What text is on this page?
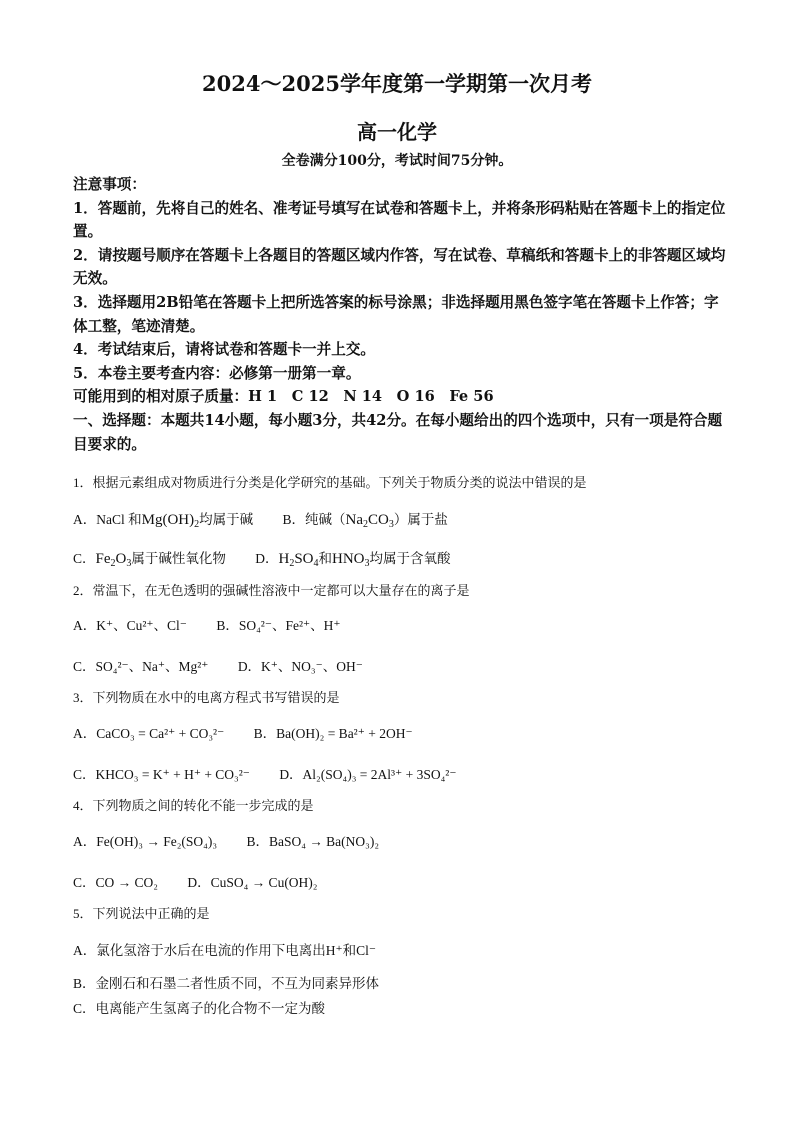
2024～2025学年度第一学期第一次月考
高一化学
全卷满分100分，考试时间75分钟。

注意事项：

1．答题前，先将自己的姓名、准考证号填写在试卷和答题卡上，并将条形码粘贴在答题卡上的指定位置。

2．请按题号顺序在答题卡上各题目的答题区域内作答，写在试卷、草稿纸和答题卡上的非答题区域均无效。

3．选择题用2B铅笔在答题卡上把所选答案的标号涂黑；非选择题用黑色签字笔在答题卡上作答；字体工整，笔迹清楚。

4．考试结束后，请将试卷和答题卡一并上交。

5．本卷主要考查内容：必修第一册第一章。

可能用到的相对原子质量：H 1　C 12　N 14　O 16　Fe 56

一、选择题：本题共14小题，每小题3分，共42分。在每小题给出的四个选项中，只有一项是符合题目要求的。

1．根据元素组成对物质进行分类是化学研究的基础。下列关于物质分类的说法中错误的是
A．NaCl 和$Mg(OH)_2$均属于碱 B．纯碱$(Na_2CO_3)$属于盐
C．$Fe_2O_3$属于碱性氧化物 D．$H_2SO_4$和$HNO_3$均属于含氧酸
2．常温下，在无色透明的强碱性溶液中一定都可以大量存在的离子是
A．K⁺、Cu²⁺、Cl⁻ B．SO₄²⁻、Fe²⁺、H⁺
C．SO₄²⁻、Na⁺、Mg²⁺ D．K⁺、NO₃⁻、OH⁻
3．下列物质在水中的电离方程式书写错误的是
A．CaCO₃ = Ca²⁺ + CO₃²⁻ B．Ba(OH)₂ = Ba²⁺ + 2OH⁻
C．KHCO₃ = K⁺ + H⁺ + CO₃²⁻ D．Al₂(SO₄)₃ = 2Al³⁺ + 3SO₄²⁻
4．下列物质之间的转化不能一步完成的是
A．Fe(OH)₃ → Fe₂(SO₄)₃ B．BaSO₄ → Ba(NO₃)₂
C．CO → CO₂ D．CuSO₄ → Cu(OH)₂
5．下列说法中正确的是
A．氯化氢溶于水后在电流的作用下电离出H⁺和Cl⁻
B．金刚石和石墨二者性质不同，不互为同素异形体
C．电离能产生氢离子的化合物不一定为酸
